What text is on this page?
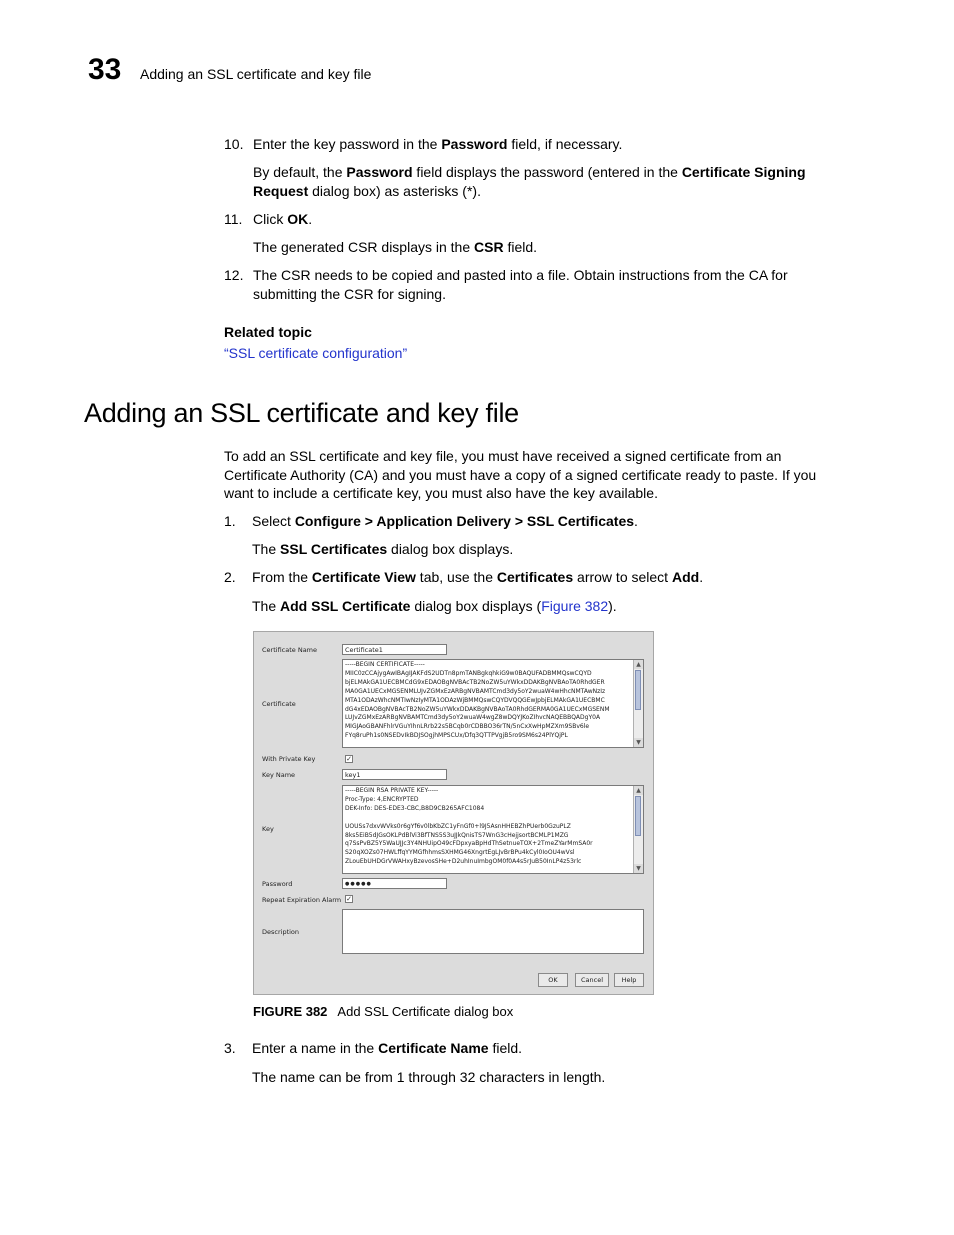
33 Adding an SSL certificate and key file
10. Enter the key password in the Password field, if necessary.
By default, the Password field displays the password (entered in the Certificate Signing
Request dialog box) as asterisks (*).
11. Click OK.
The generated CSR displays in the CSR field.
12. The CSR needs to be copied and pasted into a file. Obtain instructions from the CA for
submitting the CSR for signing.
Related topic
“SSL certificate configuration”
Adding an SSL certificate and key file
To add an SSL certificate and key file, you must have received a signed certificate from an
Certificate Authority (CA) and you must have a copy of a signed certificate ready to paste. If you
want to include a certificate key, you must also have the key available.
1.	Select Configure > Application Delivery > SSL Certificates.
The SSL Certificates dialog box displays.
2.	From the Certificate View tab, use the Certificates arrow to select Add.
The Add SSL Certificate dialog box displays (Figure 382).
Certificate Name	Certificate1
Certificate
-----BEGIN CERTIFICATE-----
MIIC0zCCAjygAwIBAgIJAKFdS2UDTn8pmTANBgkqhkiG9w0BAQUFADBMMQswCQYD
bjELMAkGA1UECBMCdG9xEDAOBgNVBAcTB2NoZW5uYWkxDDAKBgNVBAoTA0RhdGER
MA0GA1UECxMGSENMLUJvZGMxEzARBgNVBAMTCmd3dy5oY2wuaW4wHhcNMTAwNzIz
MTA1ODAzWhcNMTIwNzIyMTA1ODAzWjBMMQswCQYDVQQGEwJpbjELMAkGA1UECBMC
dG4xEDAOBgNVBAcTB2NoZW5uYWkxDDAKBgNVBAoTA0RhdGERMA0GA1UECxMGSENM
LUJvZGMxEzARBgNVBAMTCmd3dy5oY2wuaW4wgZ8wDQYJKoZIhvcNAQEBBQADgY0A
MIGJAoGBANFhlrVGuYIhnLRrb22s5BCqb0rCDBBO36rTN/5nCxXwHpMZXm9SBv6le
FYq8ruPh1s0NSEDvIkBDJSOgjhMPSCUx/Dfq3QTTPVgjB5ro9SM6s24PlYQjPL
▲
▼
With Private Key	✓
Key Name	key1
Key
-----BEGIN RSA PRIVATE KEY-----
Proc-Type: 4,ENCRYPTED
DEK-Info: DES-EDE3-CBC,B8D9CB265AFC1084

UOUSs7dxvWVks0r6gYf6v0lbKbZC1yFnGf0+l9J5AsnHHEBZhPUerb0GzuPLZ
8ks5EiB5dJGsOKLPdBlVi3BfTNS5S3uJJkQnisTS7WnG3cHejjsortBCMLP1MZG
q7SsPvBZ5Y5WaUJJc3Y4NHUipO49cFDpxyaBpHdThSetnueTOX+2TmeZYarMmSA0r
S20qXOZs07HWLffqYYMGfhhmsSXHMG46XngrtEgLJvBrBPu4kCyl0IoOU4wVsl
ZLouEbUHDGrVWAHxyBzevosSHe+D2uhInuImbgOM0f0A4s5rJuB50InLP4z53rlc
▲
▼
Password	●●●●●
Repeat Expiration Alarm ✓
Description
OK	Cancel	Help
FIGURE 382 Add SSL Certificate dialog box
3.	Enter a name in the Certificate Name field.
The name can be from 1 through 32 characters in length.
